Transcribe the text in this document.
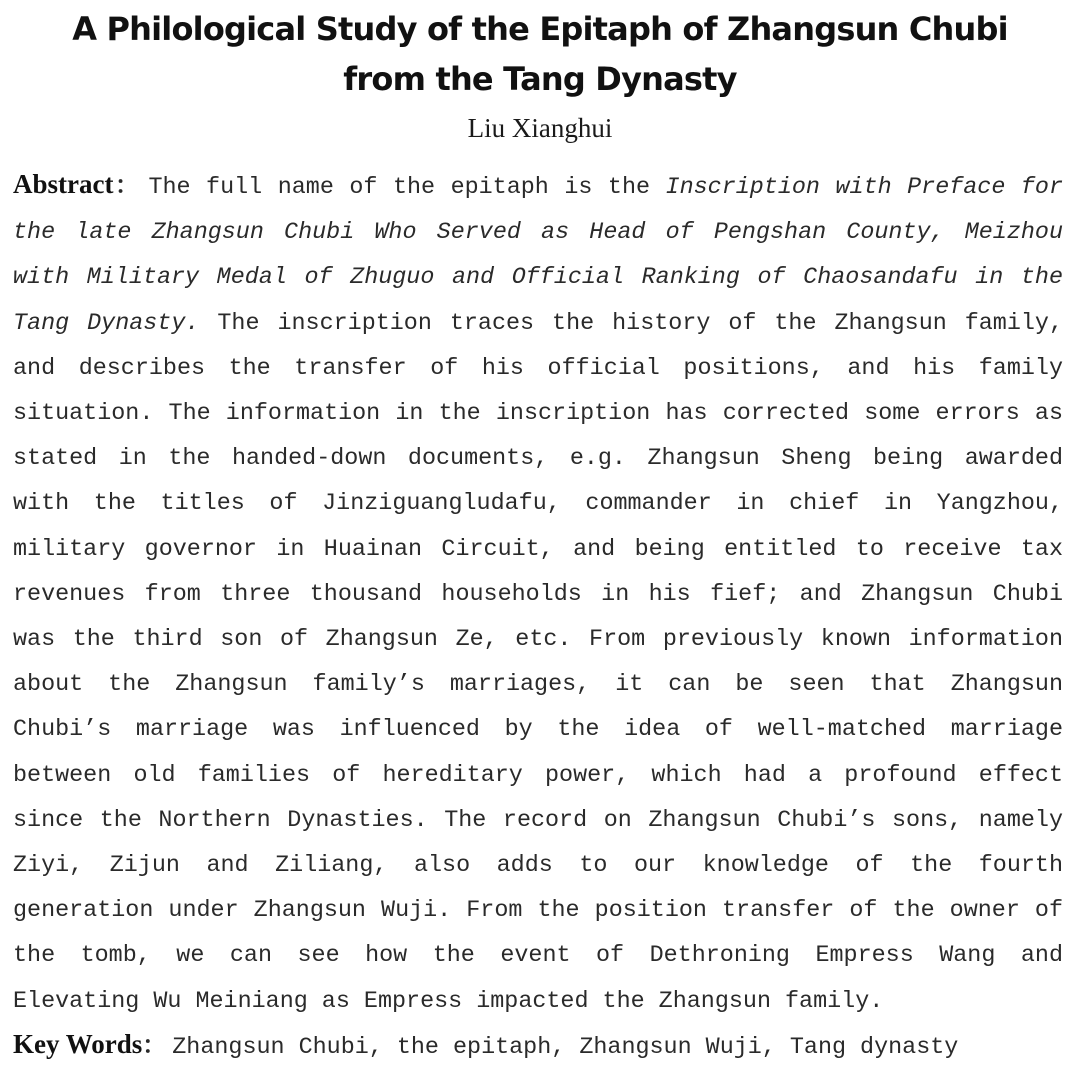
A Philological Study of the Epitaph of Zhangsun Chubi
from the Tang Dynasty
Liu Xianghui

Abstract： The full name of the epitaph is the Inscription with Preface for the late Zhangsun Chubi Who Served as Head of Pengshan County, Meizhou with Military Medal of Zhuguo and Official Ranking of Chaosandafu in the Tang Dynasty. The inscription traces the history of the Zhangsun family, and describes the transfer of his official positions, and his family situation. The information in the inscription has corrected some errors as stated in the handed-down documents, e.g. Zhangsun Sheng being awarded with the titles of Jinziguangludafu, commander in chief in Yangzhou, military governor in Huainan Circuit, and being entitled to receive tax revenues from three thousand households in his fief; and Zhangsun Chubi was the third son of Zhangsun Ze, etc. From previously known information about the Zhangsun family’s marriages, it can be seen that Zhangsun Chubi’s marriage was influenced by the idea of well-matched marriage between old families of hereditary power, which had a profound effect since the Northern Dynasties. The record on Zhangsun Chubi’s sons, namely Ziyi, Zijun and Ziliang, also adds to our knowledge of the fourth generation under Zhangsun Wuji. From the position transfer of the owner of the tomb, we can see how the event of Dethroning Empress Wang and Elevating Wu Meiniang as Empress impacted the Zhangsun family.

Key Words： Zhangsun Chubi, the epitaph, Zhangsun Wuji, Tang dynasty
